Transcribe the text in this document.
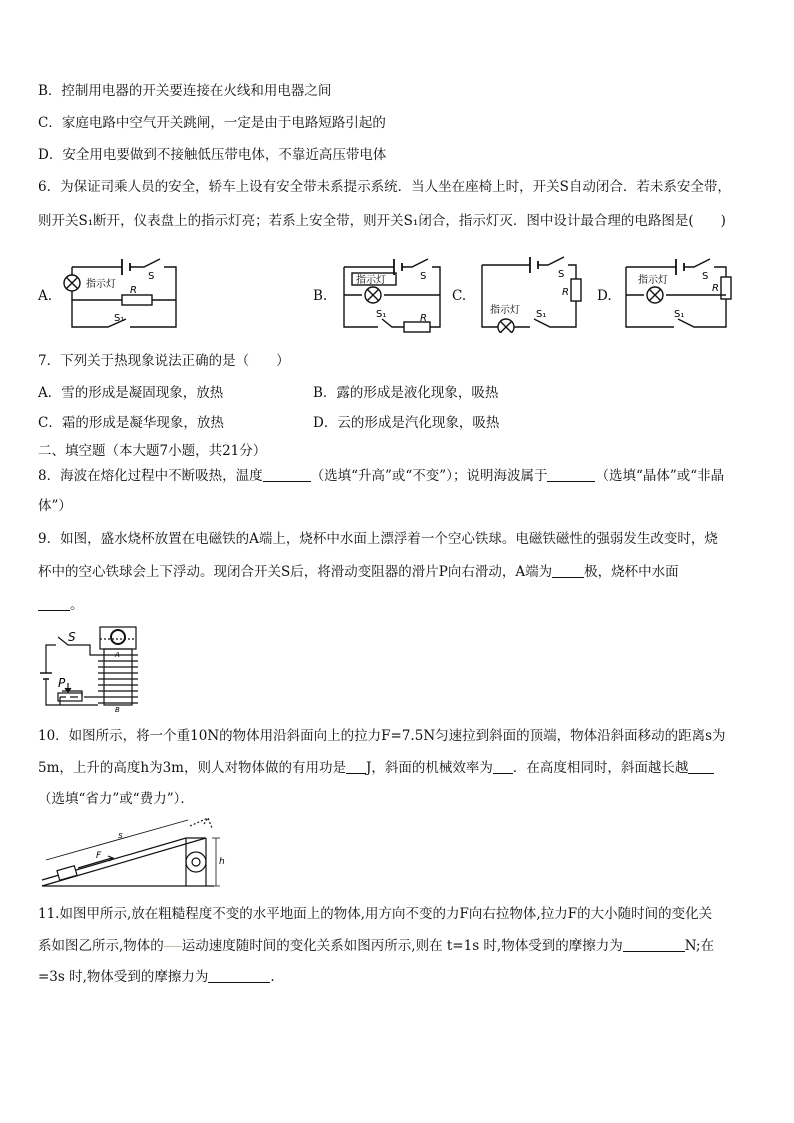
B．控制用电器的开关要连接在火线和用电器之间
C．家庭电路中空气开关跳闸，一定是由于电路短路引起的
D．安全用电要做到不接触低压带电体，不靠近高压带电体
6．为保证司乘人员的安全，轿车上设有安全带未系提示系统．当人坐在座椅上时，开关S自动闭合．若未系安全带，
则开关S₁断开，仪表盘上的指示灯亮；若系上安全带，则开关S₁闭合，指示灯灭．图中设计最合理的电路图是(　　)
A.
指示灯
S
R
S₁
B.
指示灯	S
R
S₁
C.
指示灯
S
R
S₁
D.
指示灯	S
R
S₁
7．下列关于热现象说法正确的是（　　）
A．雪的形成是凝固现象，放热	B．露的形成是液化现象，吸热
C．霜的形成是凝华现象，放热	D．云的形成是汽化现象，吸热
二、填空题（本大题7小题，共21分）
8．海波在熔化过程中不断吸热，温度	（选填“升高”或“不变”）；说明海波属于	（选填“晶体”或“非晶
体”）
9．如图，盛水烧杯放置在电磁铁的A端上，烧杯中水面上漂浮着一个空心铁球。电磁铁磁性的强弱发生改变时，烧
杯中的空心铁球会上下浮动。现闭合开关S后，将滑动变阻器的滑片P向右滑动，A端为 极，烧杯中水面
。
S
P
A
B
10．如图所示，将一个重10N的物体用沿斜面向上的拉力F=7.5N匀速拉到斜面的顶端，物体沿斜面移动的距离s为
5m，上升的高度h为3m，则人对物体做的有用功是 J，斜面的机械效率为 ．在高度相同时，斜面越长越
（选填“省力”或“费力”）．
s
F
h
11.如图甲所示,放在粗糙程度不变的水平地面上的物体,用方向不变的力F向右拉物体,拉力F的大小随时间的变化关
系如图乙所示,物体的 运动速度随时间的变化关系如图丙所示,则在 t=1s 时,物体受到的摩擦力为	N;在
=3s 时,物体受到的摩擦力为	.
